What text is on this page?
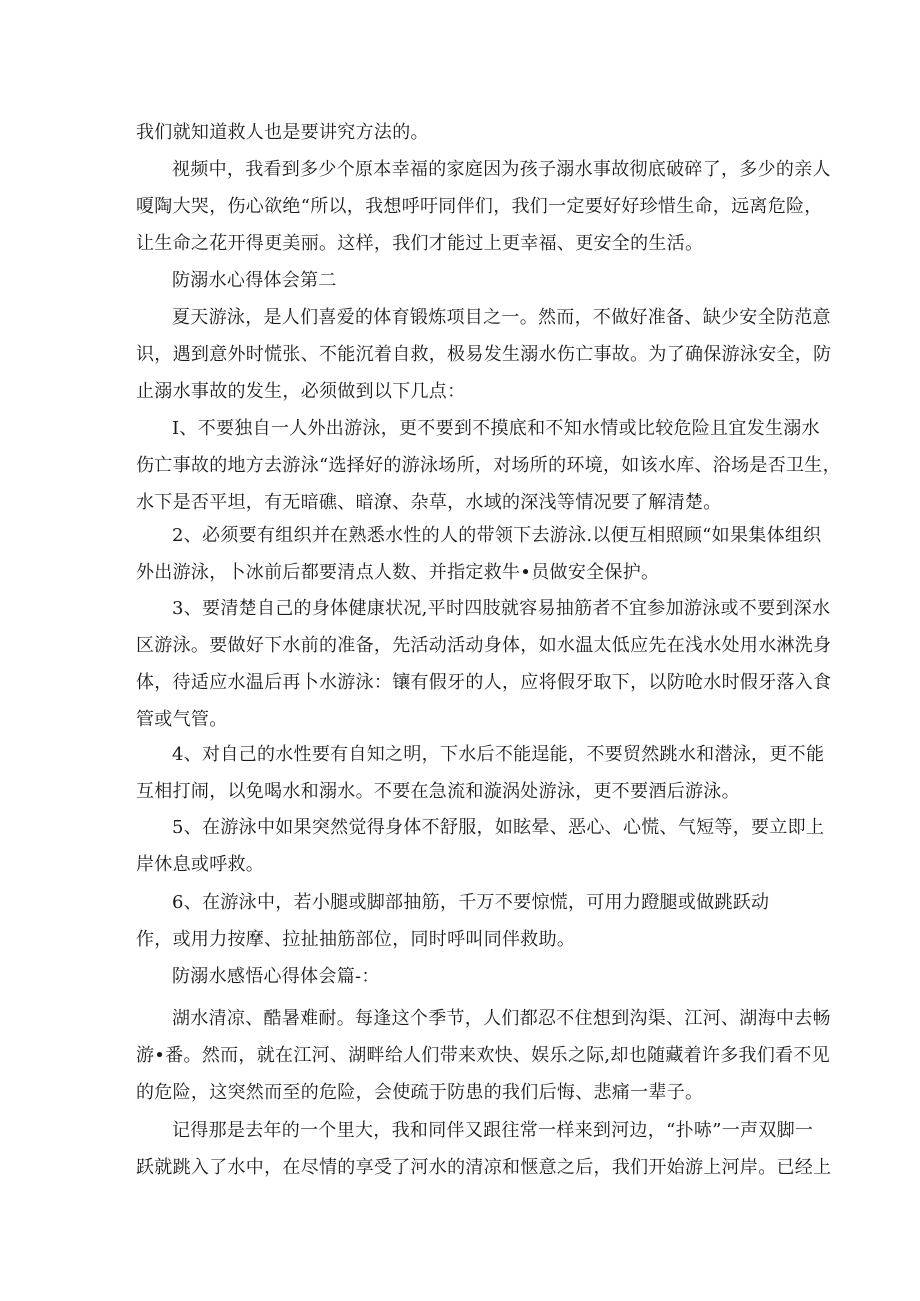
我们就知道救人也是要讲究方法的。

视频中，我看到多少个原本幸福的家庭因为孩子溺水事故彻底破碎了，多少的亲人
嗄陶大哭，伤心欲绝“所以，我想呼吁同伴们，我们一定要好好珍惜生命，远离危险，
让生命之花开得更美丽。这样，我们才能过上更幸福、更安全的生活。

防溺水心得体会第二

夏天游泳，是人们喜爱的体育锻炼项目之一。然而，不做好准备、缺少安全防范意
识，遇到意外时慌张、不能沉着自救，极易发生溺水伤亡事故。为了确保游泳安全，防
止溺水事故的发生，必须做到以下几点：

I、不要独自一人外出游泳，更不要到不摸底和不知水情或比较危险且宜发生溺水
伤亡事故的地方去游泳“选择好的游泳场所，对场所的环境，如该水库、浴场是否卫生，
水下是否平坦，有无暗礁、暗潦、杂草，水域的深浅等情况要了解清楚。

2、必须要有组织并在熟悉水性的人的带领下去游泳.以便互相照顾“如果集体组织
外出游泳，卜冰前后都要清点人数、并指定救牛•员做安全保护。

3、要清楚自己的身体健康状况,平时四肢就容易抽筋者不宜参加游泳或不要到深水
区游泳。要做好下水前的准备，先活动活动身体，如水温太低应先在浅水处用水淋洗身
体，待适应水温后再卜水游泳：镶有假牙的人，应将假牙取下，以防呛水时假牙落入食
管或气管。

4、对自己的水性要有自知之明，下水后不能逞能，不要贸然跳水和潜泳，更不能
互相打闹，以免喝水和溺水。不要在急流和漩涡处游泳，更不要酒后游泳。

5、在游泳中如果突然觉得身体不舒服，如眩晕、恶心、心慌、气短等，要立即上
岸休息或呼救。

6、在游泳中，若小腿或脚部抽筋，千万不要惊慌，可用力蹬腿或做跳跃动
作，或用力按摩、拉扯抽筋部位，同时呼叫同伴救助。

防溺水感悟心得体会篇-：

湖水清凉、酷暑难耐。每逢这个季节，人们都忍不住想到沟渠、江河、湖海中去畅
游•番。然而，就在江河、湖畔给人们带来欢快、娱乐之际,却也随藏着许多我们看不见
的危险，这突然而至的危险，会使疏于防患的我们后悔、悲痛一辈子。

记得那是去年的一个里大，我和同伴又跟往常一样来到河边，“扑哧”一声双脚一
跃就跳入了水中，在尽情的享受了河水的清凉和惬意之后，我们开始游上河岸。已经上
